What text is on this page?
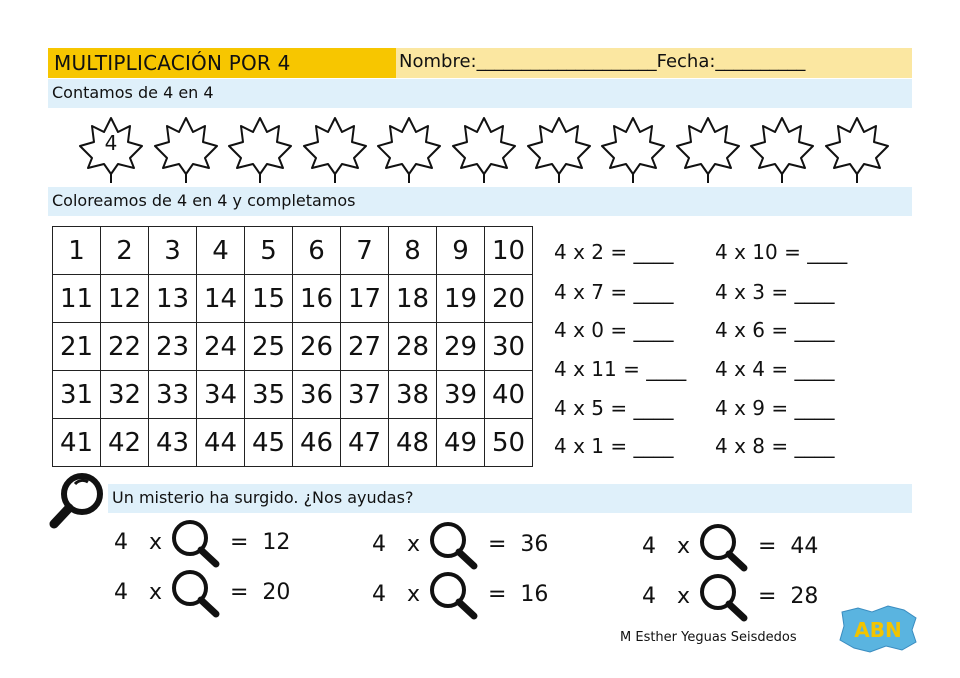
MULTIPLICACIÓN POR 4	Nombre:____________________Fecha:__________
Contamos de 4 en 4
4
Coloreamos de 4 en 4 y completamos
1	2	3	4	5	6	7	8	9	10
11	12	13	14	15	16	17	18	19	20
21	22	23	24	25	26	27	28	29	30
31	32	33	34	35	36	37	38	39	40
41	42	43	44	45	46	47	48	49	50
4 x 2 = ____
4 x 7 = ____
4 x 0 = ____
4 x 11 = ____
4 x 5 = ____
4 x 1 = ____
4 x 10 = ____
4 x 3 = ____
4 x 6 = ____
4 x 4 = ____
4 x 9 = ____
4 x 8 = ____
Un misterio ha surgido. ¿Nos ayudas?
4   x	=  12
4   x	=  20
4   x	=  36
4   x	=  16
4   x	=  44
4   x	=  28
M Esther Yeguas Seisdedos	ABN
